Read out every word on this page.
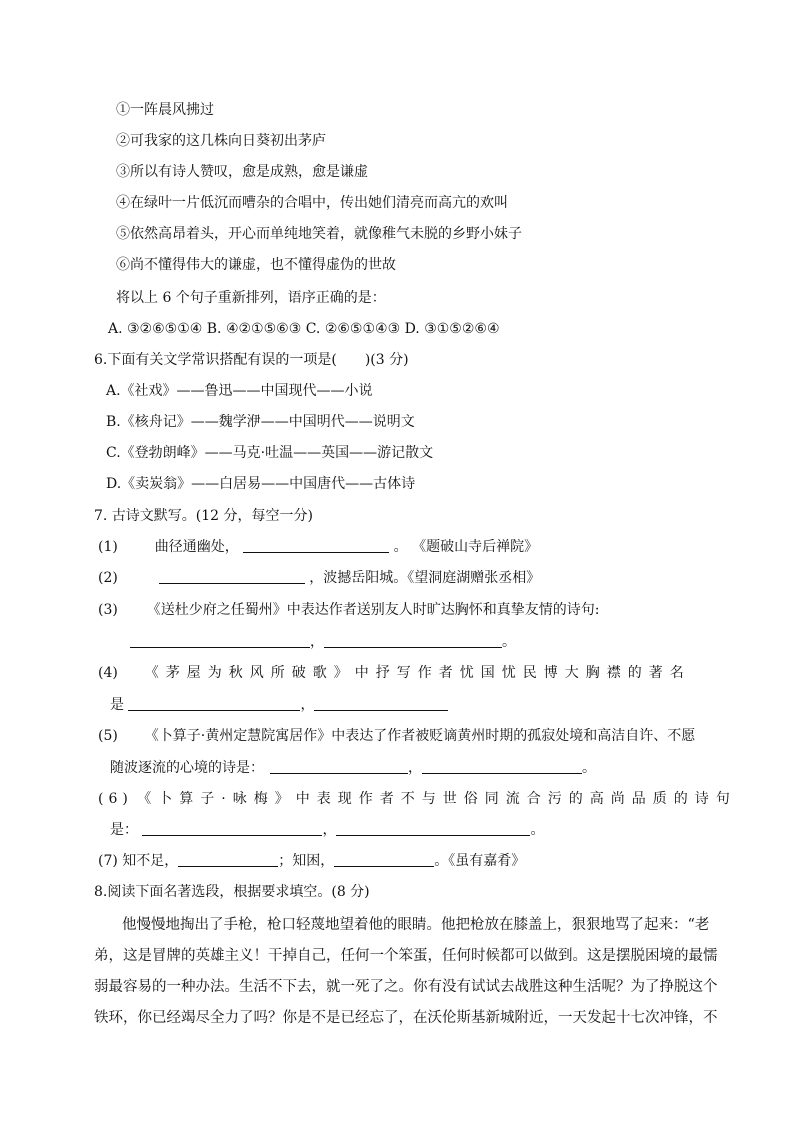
①一阵晨风拂过
②可我家的这几株向日葵初出茅庐
③所以有诗人赞叹，愈是成熟，愈是谦虚
④在绿叶一片低沉而嘈杂的合唱中，传出她们清亮而高亢的欢叫
⑤依然高昂着头，开心而单纯地笑着，就像稚气未脱的乡野小妹子
⑥尚不懂得伟大的谦虚，也不懂得虚伪的世故
将以上 6 个句子重新排列，语序正确的是：
A. ③②⑥⑤①④ B. ④②①⑤⑥③ C. ②⑥⑤①④③ D. ③①⑤②⑥④
6.下面有关文学常识搭配有误的一项是(　　)(3 分)
A.《社戏》——鲁迅——中国现代——小说
B.《核舟记》——魏学洢——中国明代——说明文
C.《登勃朗峰》——马克·吐温——英国——游记散文
D.《卖炭翁》——白居易——中国唐代——古体诗
7. 古诗文默写。(12 分，每空一分)
(1)	曲径通幽处，	。 《题破山寺后禅院》
(2)	，波撼岳阳城。《望洞庭湖赠张丞相》
(3) 《送杜少府之任蜀州》中表达作者送别友人时旷达胸怀和真挚友情的诗句:
，	。
(4) 《茅屋为秋风所破歌》中抒写作者忧国忧民博大胸襟的著名
是	，
(5) 《卜算子·黄州定慧院寓居作》中表达了作者被贬谪黄州时期的孤寂处境和高洁自许、不愿
随波逐流的心境的诗是：	，	。
(6) 《卜算子·咏梅》中表现作者不与世俗同流合污的高尚品质的诗句
是：	，	。
(7) 知不足，	；知困，	。《虽有嘉肴》
8.阅读下面名著选段，根据要求填空。(8 分)
他慢慢地掏出了手枪，枪口轻蔑地望着他的眼睛。他把枪放在膝盖上，狠狠地骂了起来：“老
弟，这是冒牌的英雄主义！干掉自己，任何一个笨蛋，任何时候都可以做到。这是摆脱困境的最懦
弱最容易的一种办法。生活不下去，就一死了之。你有没有试试去战胜这种生活呢？为了挣脱这个
铁环，你已经竭尽全力了吗？你是不是已经忘了，在沃伦斯基新城附近，一天发起十七次冲锋，不
